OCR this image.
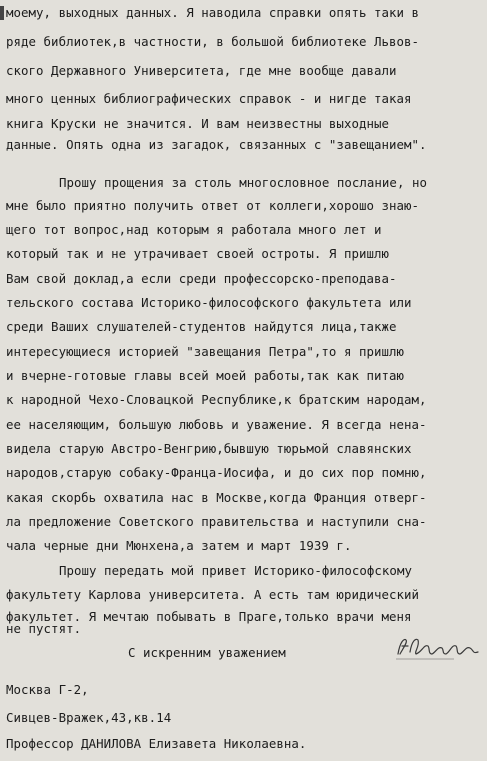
моему, выходных данных. Я наводила справки опять таки в
ряде библиотек,в частности, в большой библиотеке Львов-
ского Державного Университета, где мне вообще давали
много ценных библиографических справок - и нигде такая
книга Круски не значится. И вам неизвестны выходные
данные. Опять одна из загадок, связанных с "завещанием".
Прошу прощения за столь многословное послание, но
мне было приятно получить ответ от коллеги,хорошо знаю-
щего тот вопрос,над которым я работала много лет и
который так и не утрачивает своей остроты. Я пришлю
Вам свой доклад,а если среди профессорско-преподава-
тельского состава Историко-философского факультета или
среди Ваших слушателей-студентов найдутся лица,также
интересующиеся историей "завещания Петра",то я пришлю
и вчерне-готовые главы всей моей работы,так как питаю
к народной Чехо-Словацкой Республике,к братским народам,
ее населяющим, большую любовь и уважение. Я всегда нена-
видела старую Австро-Венгрию,бывшую тюрьмой славянских
народов,старую собаку-Франца-Иосифа, и до сих пор помню,
какая скорбь охватила нас в Москве,когда Франция отверг-
ла предложение Советского правительства и наступили сна-
чала черные дни Мюнхена,а затем и март 1939 г.
Прошу передать мой привет Историко-философскому
факультету Карлова университета. А есть там юридический
факультет. Я мечтаю побывать в Праге,только врачи меня
не пустят.
С искренним уважением
Москва Г-2,
Сивцев-Вражек,43,кв.14
Профессор ДАНИЛОВА Елизавета Николаевна.
